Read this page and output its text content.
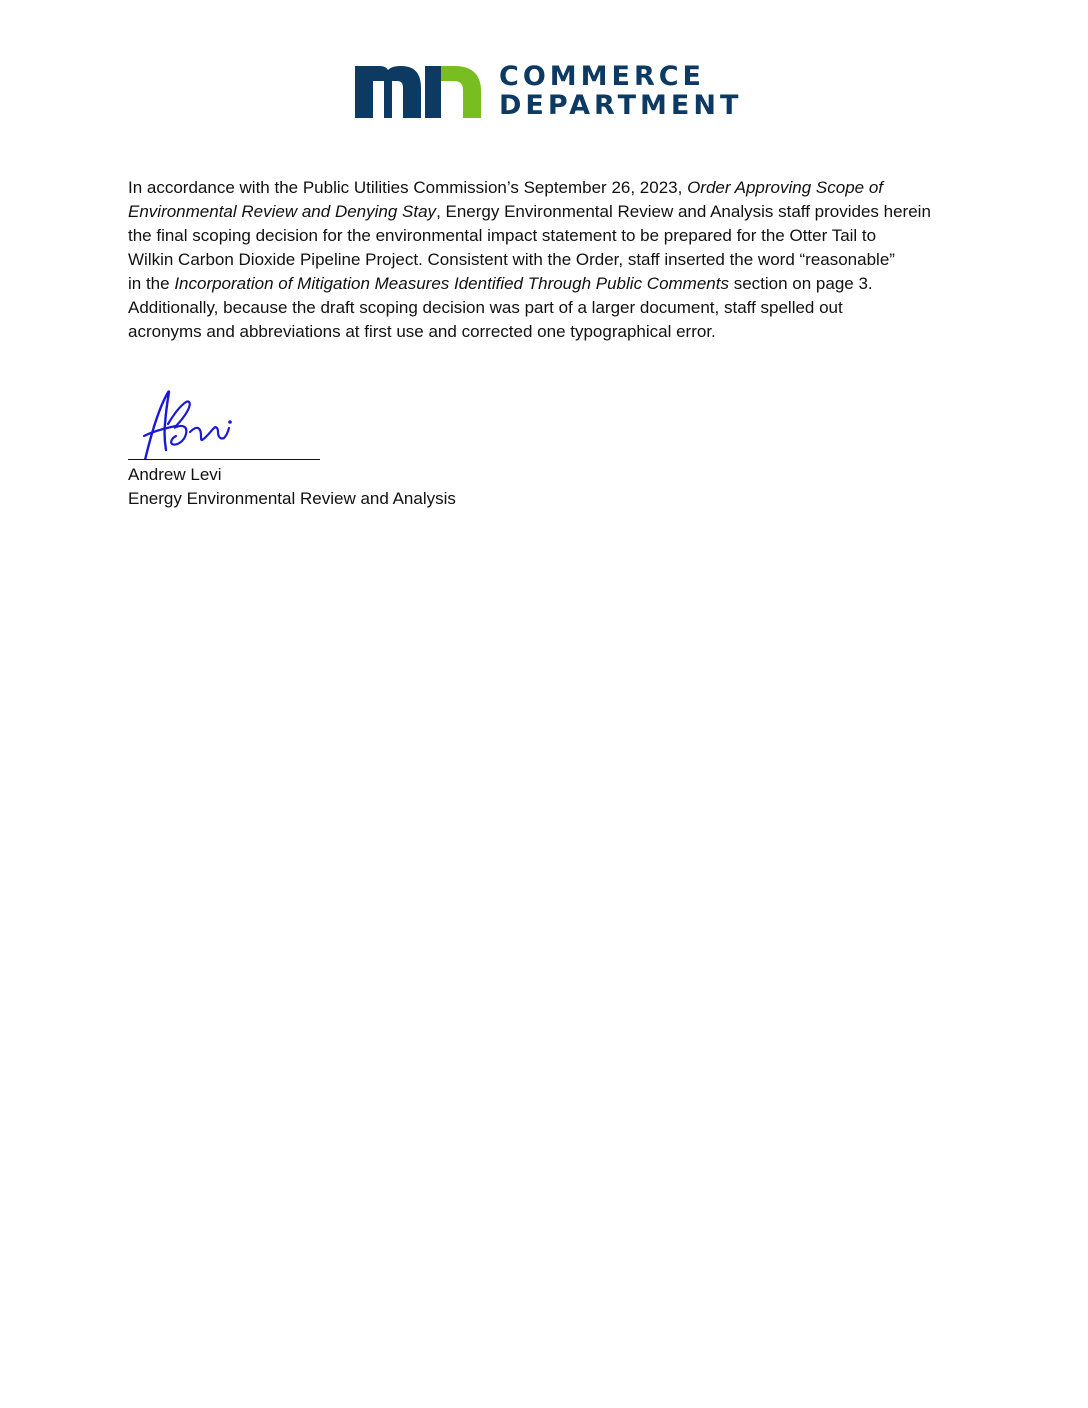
COMMERCE
DEPARTMENT
In accordance with the Public Utilities Commission’s September 26, 2023, Order Approving Scope of
Environmental Review and Denying Stay, Energy Environmental Review and Analysis staff provides herein
the final scoping decision for the environmental impact statement to be prepared for the Otter Tail to
Wilkin Carbon Dioxide Pipeline Project. Consistent with the Order, staff inserted the word “reasonable”
in the Incorporation of Mitigation Measures Identified Through Public Comments section on page 3.
Additionally, because the draft scoping decision was part of a larger document, staff spelled out
acronyms and abbreviations at first use and corrected one typographical error.
Andrew Levi
Energy Environmental Review and Analysis
